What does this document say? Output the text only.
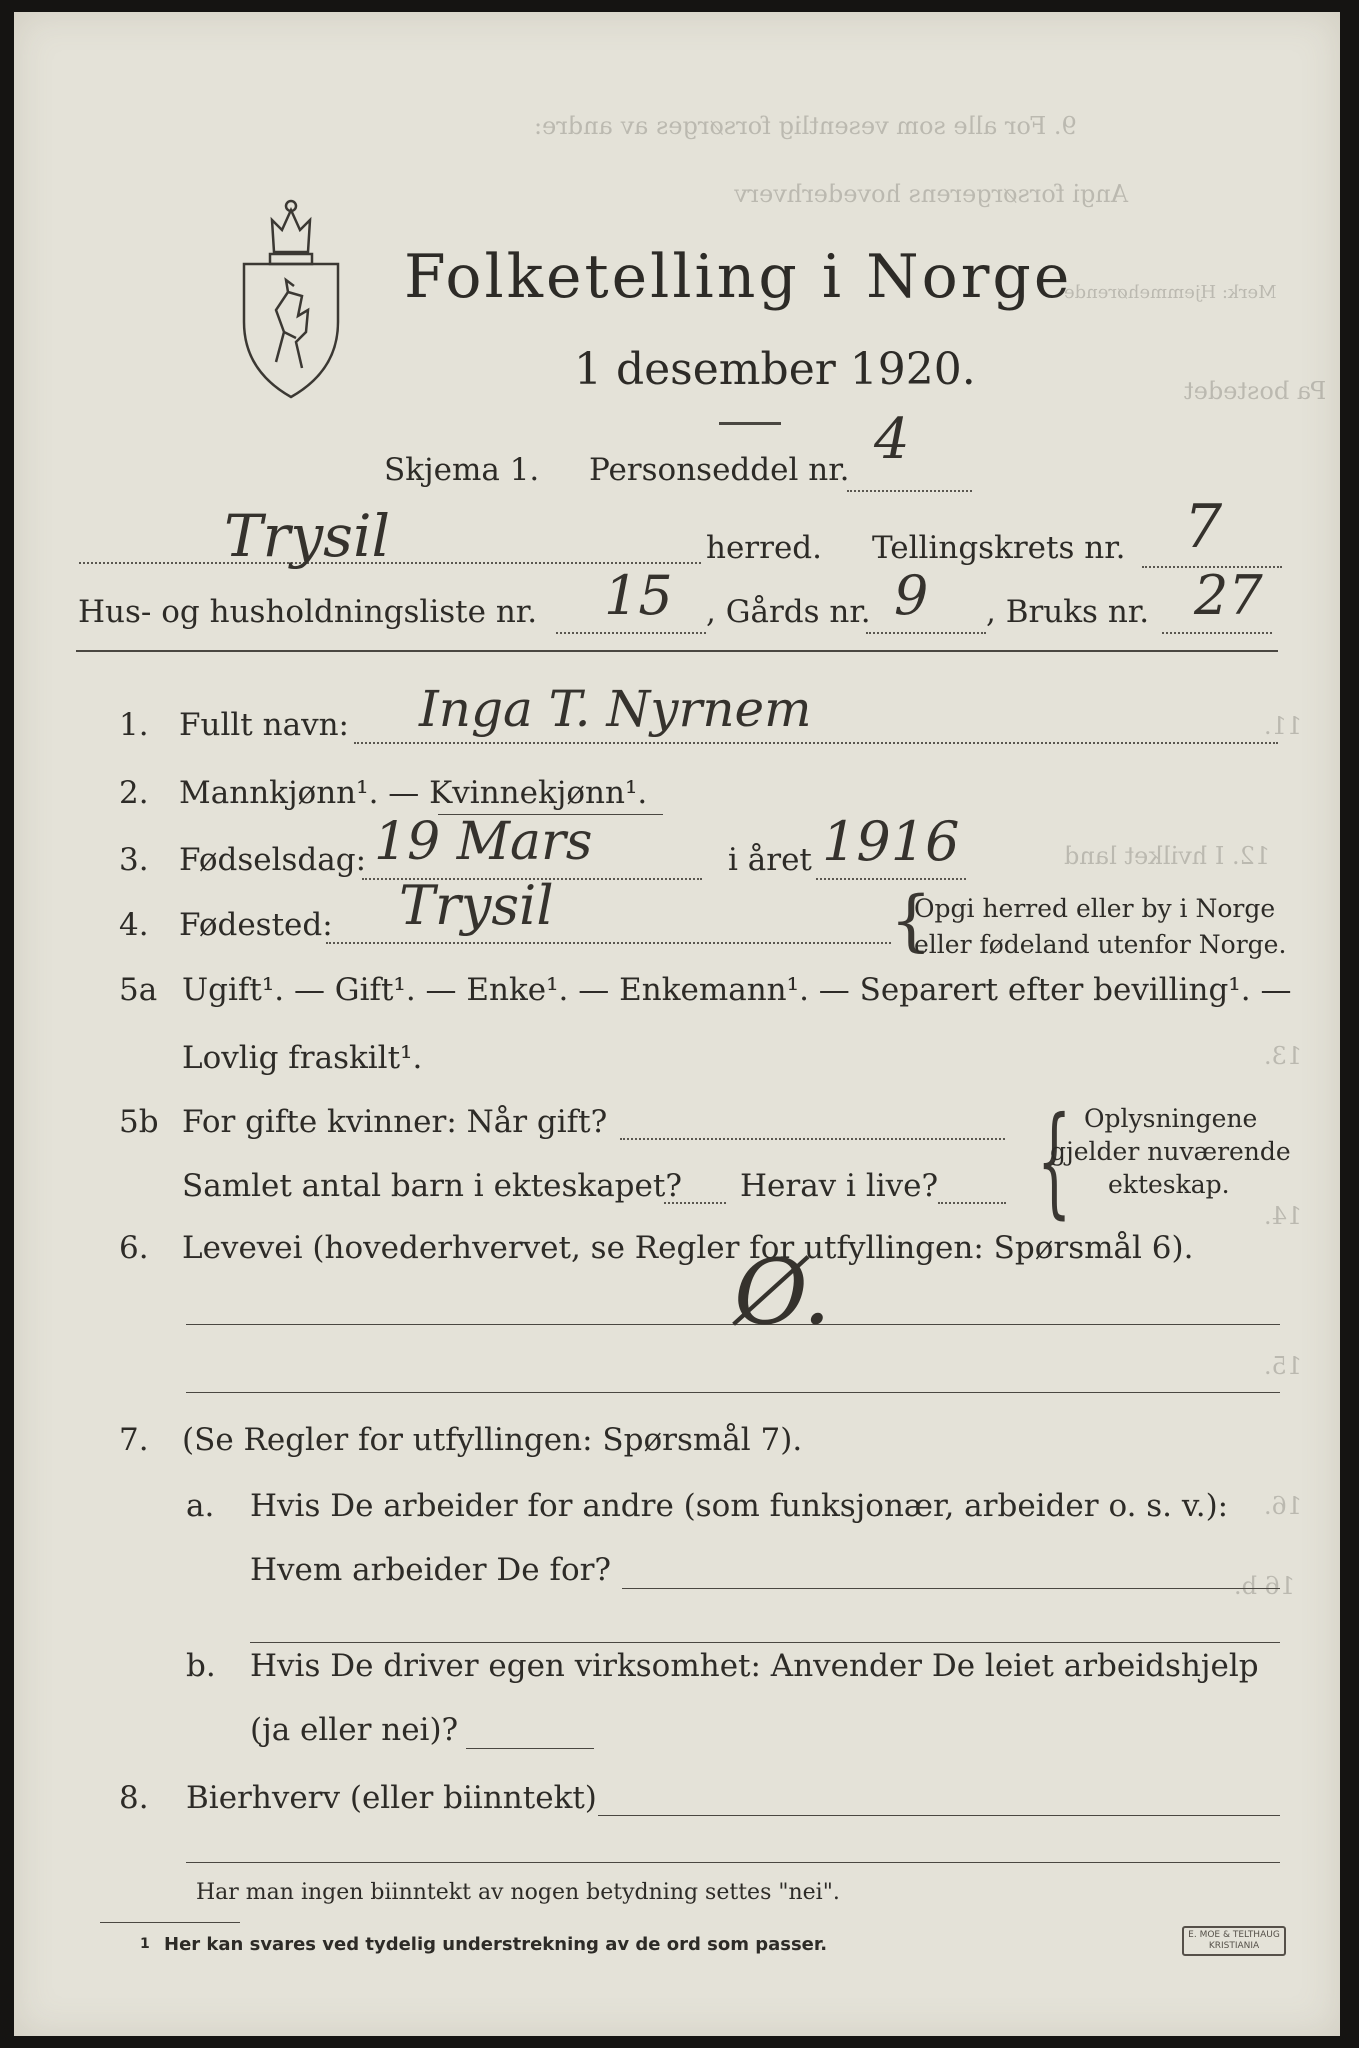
9. For alle som vesentlig forsørges av andre:
Angi forsørgerens hovederhverv
Merk: Hjemmehørende
Pa bostedet
11.
12. I hvilket land
13.
14.
15.
16.
16 b.
Folketelling i Norge
1 desember 1920.
Skjema 1. Personseddel nr. 4
Trysil	herred. Tellingskrets nr. 7
Hus- og husholdningsliste nr. 15 , Gårds nr. 9 , Bruks nr. 27
1. Fullt navn: Inga T. Nyrnem
2. Mannkjønn¹. — Kvinnekjønn¹.
3. Fødselsdag: 19 Mars	i året 1916
4. Fødested: Trysil	{
Opgi herred eller by i Norge
eller fødeland utenfor Norge.
5a Ugift¹. — Gift¹. — Enke¹. — Enkemann¹. — Separert efter bevilling¹. —
Lovlig fraskilt¹.
5b For gifte kvinner: Når gift?
Samlet antal barn i ekteskapet? Herav i live? { Oplysningene
gjelder nuværende
ekteskap.
6. Levevei (hovederhvervet, se Regler for utfyllingen: Spørsmål 6).
Ø.
7. (Se Regler for utfyllingen: Spørsmål 7).
a. Hvis De arbeider for andre (som funksjonær, arbeider o. s. v.):
Hvem arbeider De for?
b. Hvis De driver egen virksomhet: Anvender De leiet arbeidshjelp
(ja eller nei)?
8. Bierhverv (eller biinntekt)
Har man ingen biinntekt av nogen betydning settes "nei".
1 Her kan svares ved tydelig understrekning av de ord som passer.	E. MOE & TELTHAUG
KRISTIANIA
